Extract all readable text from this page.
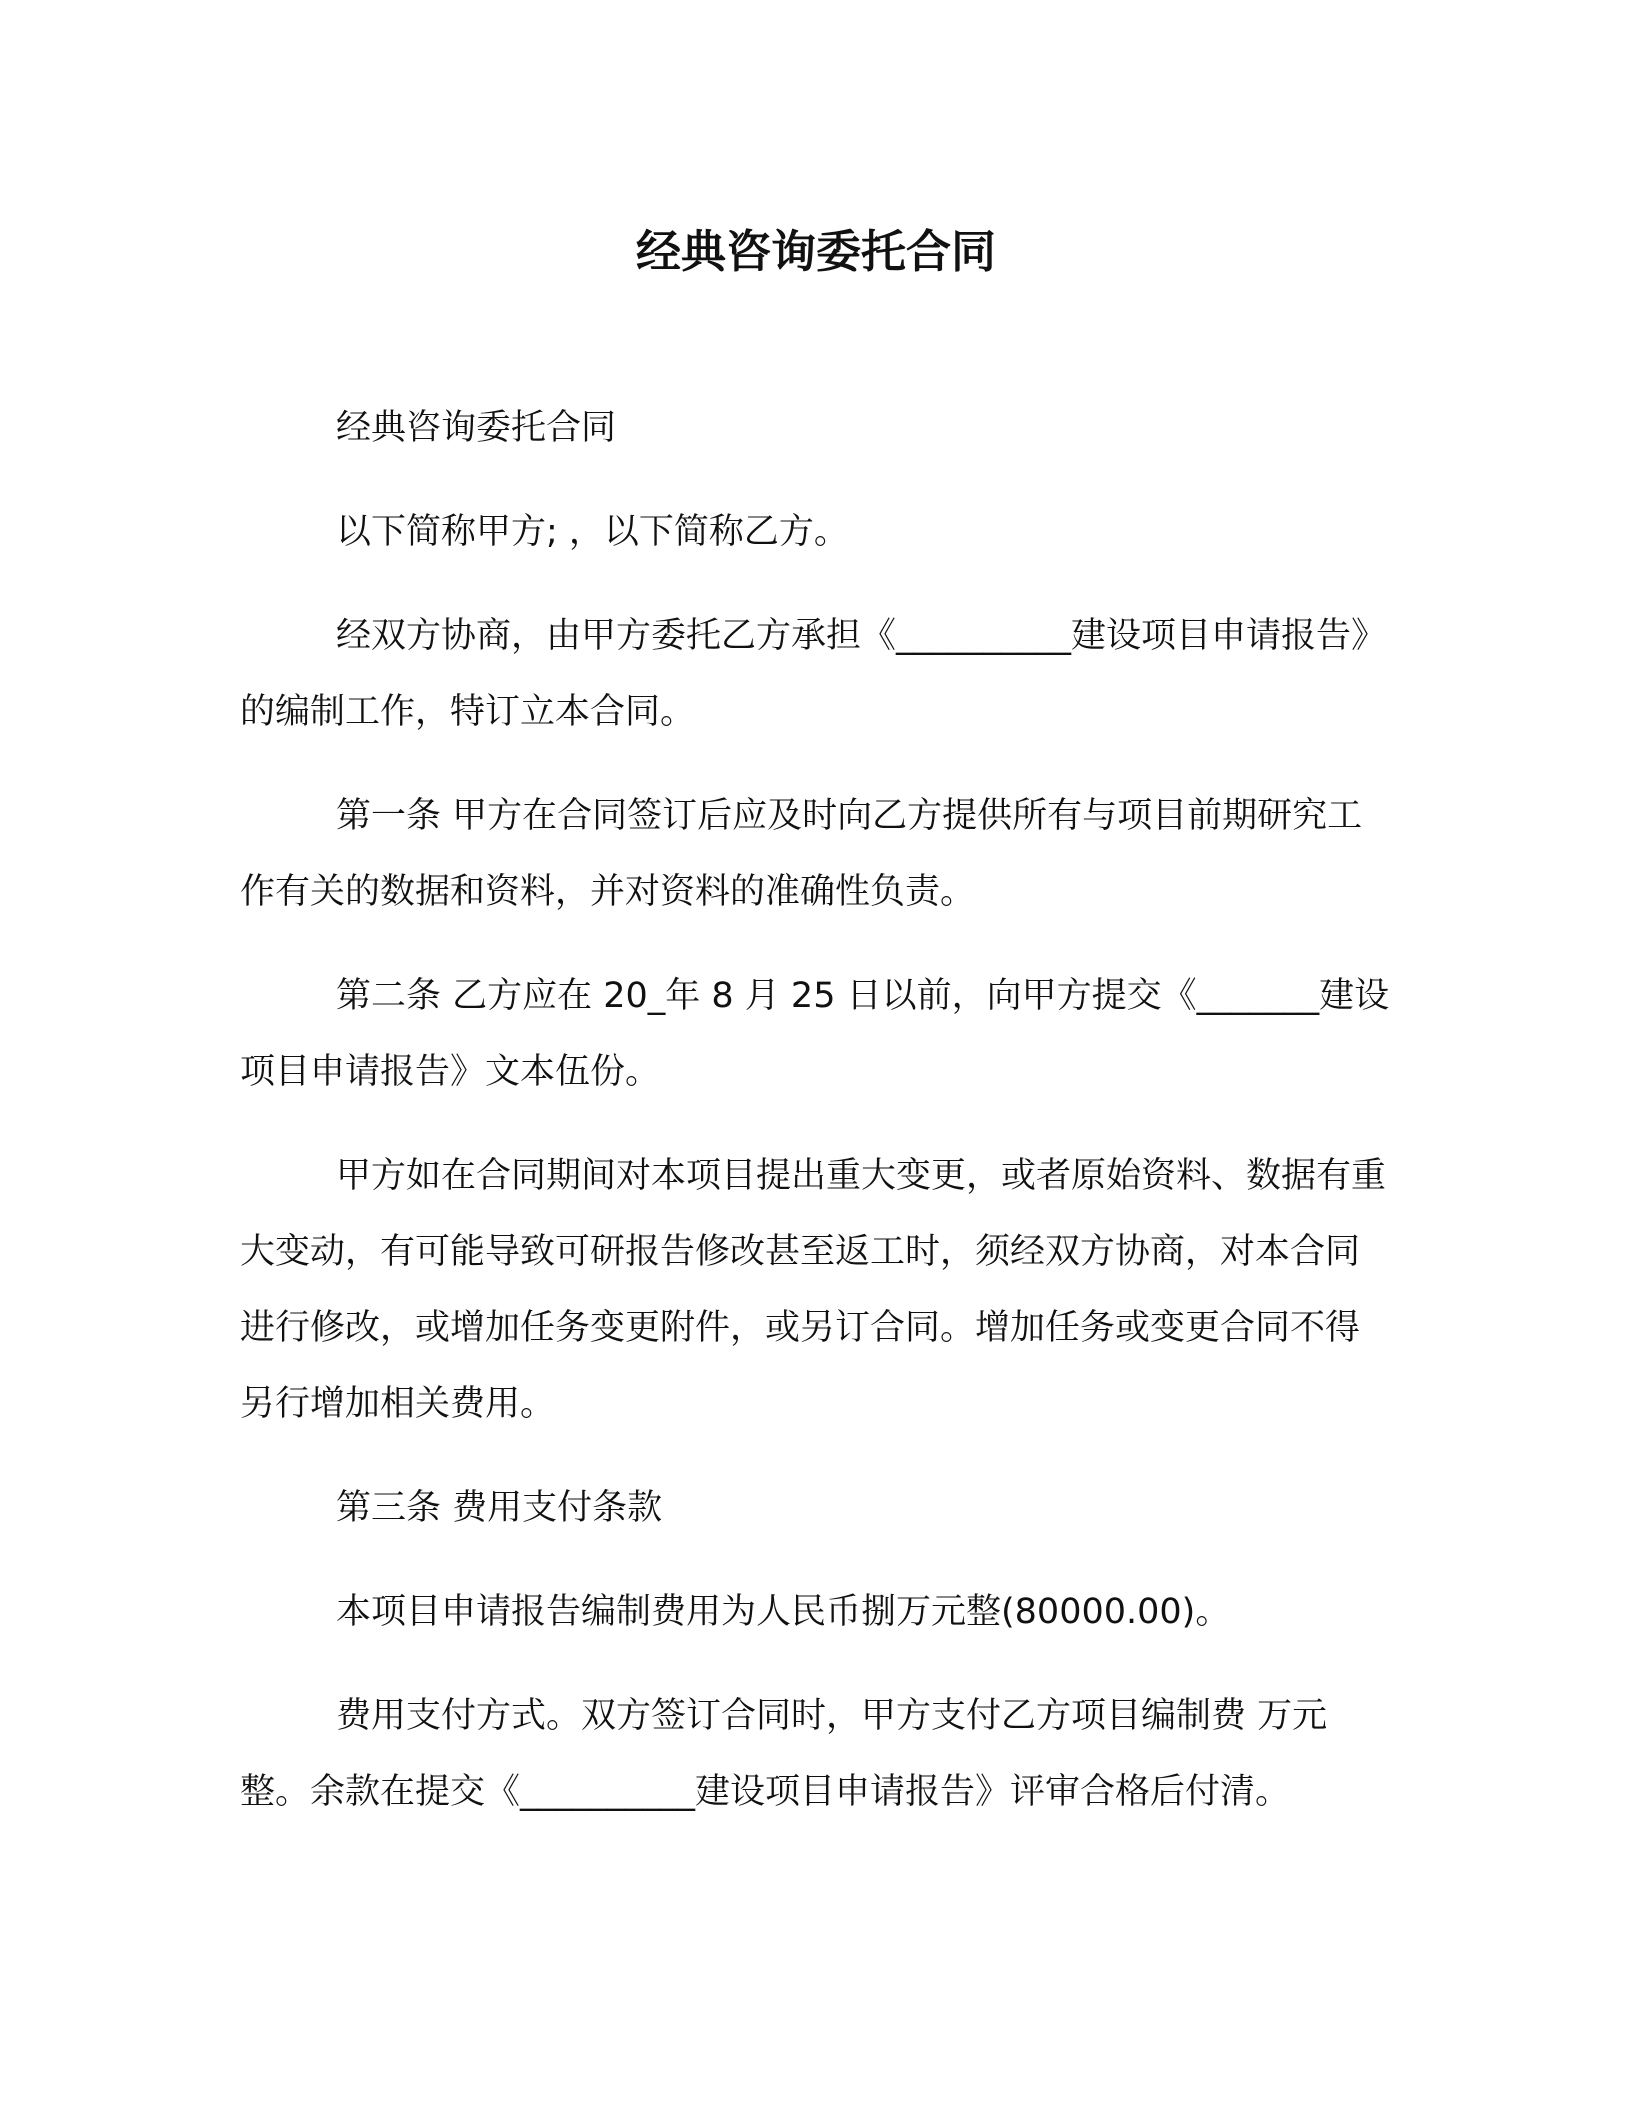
经典咨询委托合同

经典咨询委托合同

以下简称甲方; ，以下简称乙方。

经双方协商，由甲方委托乙方承担《__________建设项目申请报告》的编制工作，特订立本合同。

第一条 甲方在合同签订后应及时向乙方提供所有与项目前期研究工作有关的数据和资料，并对资料的准确性负责。

第二条 乙方应在 20_年 8 月 25 日以前，向甲方提交《_______建设项目申请报告》文本伍份。

甲方如在合同期间对本项目提出重大变更，或者原始资料、数据有重大变动，有可能导致可研报告修改甚至返工时，须经双方协商，对本合同进行修改，或增加任务变更附件，或另订合同。增加任务或变更合同不得另行增加相关费用。

第三条 费用支付条款

本项目申请报告编制费用为人民币捌万元整(80000.00)。

费用支付方式。双方签订合同时，甲方支付乙方项目编制费 万元整。余款在提交《__________建设项目申请报告》评审合格后付清。
